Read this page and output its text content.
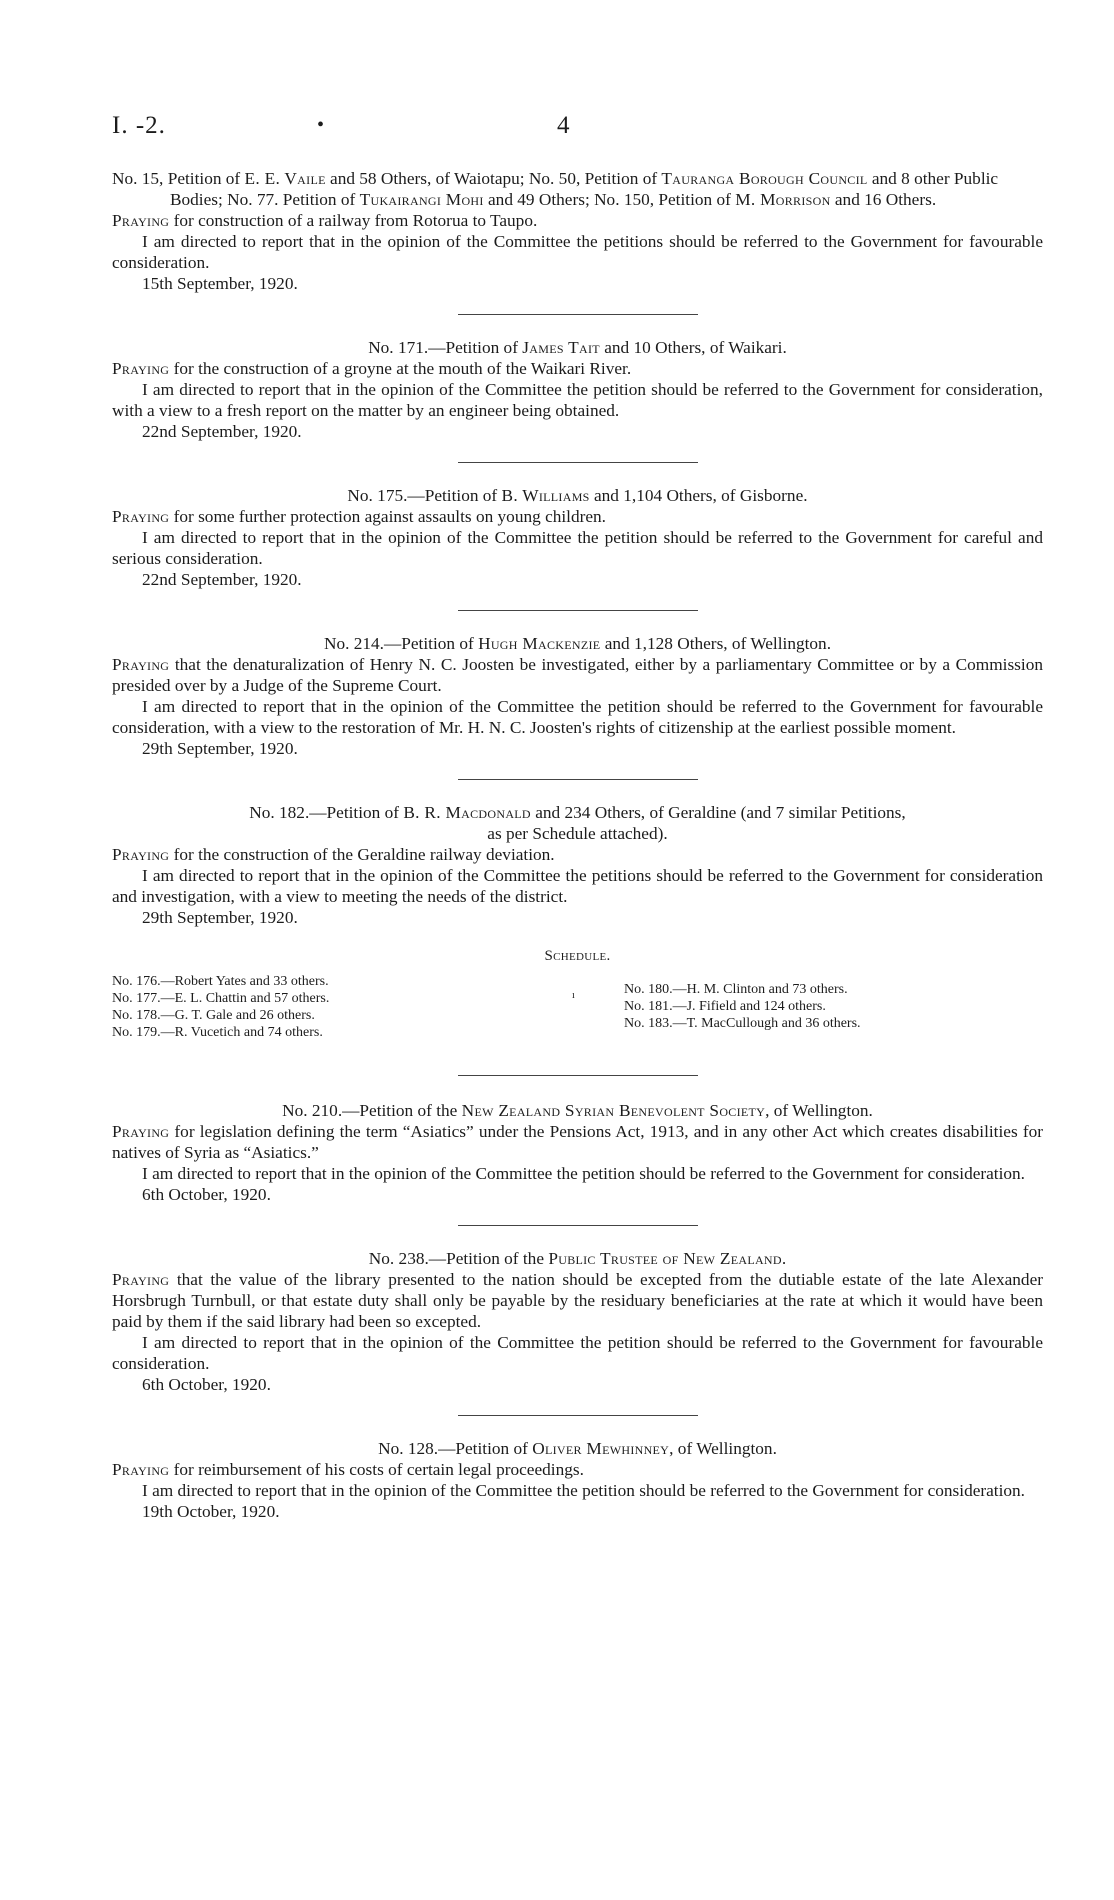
I. -2.	•	4

No. 15, Petition of E. E. Vaile and 58 Others, of Waiotapu; No. 50, Petition of Tauranga Borough Council and 8 other Public Bodies; No. 77. Petition of Tukairangi Mohi and 49 Others; No. 150, Petition of M. Morrison and 16 Others.

Praying for construction of a railway from Rotorua to Taupo.

I am directed to report that in the opinion of the Committee the petitions should be referred to the Government for favourable consideration.

15th September, 1920.

No. 171.—Petition of James Tait and 10 Others, of Waikari.

Praying for the construction of a groyne at the mouth of the Waikari River.

I am directed to report that in the opinion of the Committee the petition should be referred to the Government for consideration, with a view to a fresh report on the matter by an engineer being obtained.

22nd September, 1920.

No. 175.—Petition of B. Williams and 1,104 Others, of Gisborne.

Praying for some further protection against assaults on young children.

I am directed to report that in the opinion of the Committee the petition should be referred to the Government for careful and serious consideration.

22nd September, 1920.

No. 214.—Petition of Hugh Mackenzie and 1,128 Others, of Wellington.

Praying that the denaturalization of Henry N. C. Joosten be investigated, either by a parliamentary Committee or by a Commission presided over by a Judge of the Supreme Court.

I am directed to report that in the opinion of the Committee the petition should be referred to the Government for favourable consideration, with a view to the restoration of Mr. H. N. C. Joosten's rights of citizenship at the earliest possible moment.

29th September, 1920.

No. 182.—Petition of B. R. Macdonald and 234 Others, of Geraldine (and 7 similar Petitions,

as per Schedule attached).

Praying for the construction of the Geraldine railway deviation.

I am directed to report that in the opinion of the Committee the petitions should be referred to the Government for consideration and investigation, with a view to meeting the needs of the district.

29th September, 1920.

Schedule.

No. 176.—Robert Yates and 33 others.
No. 177.—E. L. Chattin and 57 others.
No. 178.—G. T. Gale and 26 others.
No. 179.—R. Vucetich and 74 others.
ı	No. 180.—H. M. Clinton and 73 others.
No. 181.—J. Fifield and 124 others.
No. 183.—T. MacCullough and 36 others.

No. 210.—Petition of the New Zealand Syrian Benevolent Society, of Wellington.

Praying for legislation defining the term “Asiatics” under the Pensions Act, 1913, and in any other Act which creates disabilities for natives of Syria as “Asiatics.”

I am directed to report that in the opinion of the Committee the petition should be referred to the Government for consideration.

6th October, 1920.

No. 238.—Petition of the Public Trustee of New Zealand.

Praying that the value of the library presented to the nation should be excepted from the dutiable estate of the late Alexander Horsbrugh Turnbull, or that estate duty shall only be payable by the residuary beneficiaries at the rate at which it would have been paid by them if the said library had been so excepted.

I am directed to report that in the opinion of the Committee the petition should be referred to the Government for favourable consideration.

6th October, 1920.

No. 128.—Petition of Oliver Mewhinney, of Wellington.

Praying for reimbursement of his costs of certain legal proceedings.

I am directed to report that in the opinion of the Committee the petition should be referred to the Government for consideration.

19th October, 1920.
